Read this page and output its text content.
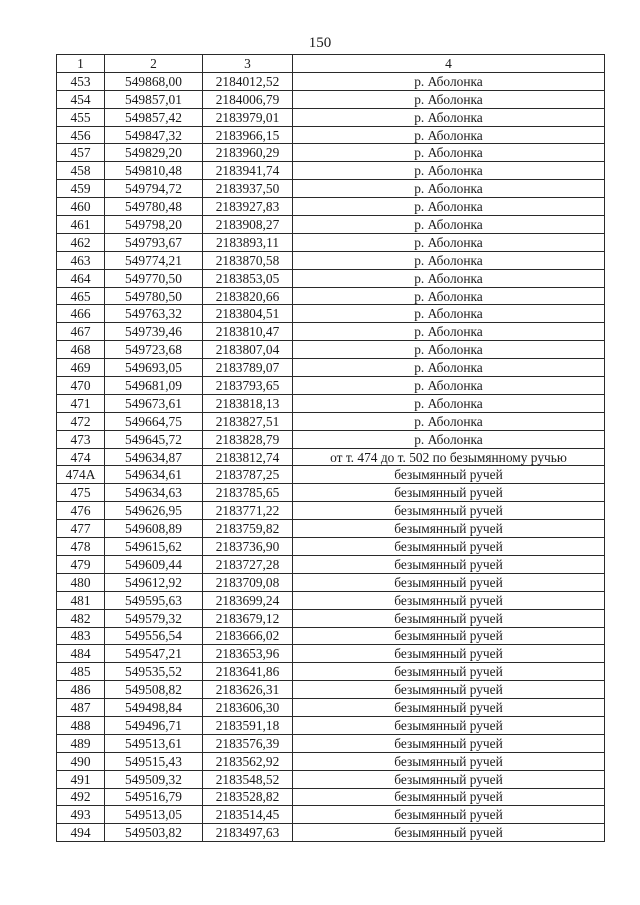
150
1	2	3	4
453	549868,00	2184012,52	р. Аболонка
454	549857,01	2184006,79	р. Аболонка
455	549857,42	2183979,01	р. Аболонка
456	549847,32	2183966,15	р. Аболонка
457	549829,20	2183960,29	р. Аболонка
458	549810,48	2183941,74	р. Аболонка
459	549794,72	2183937,50	р. Аболонка
460	549780,48	2183927,83	р. Аболонка
461	549798,20	2183908,27	р. Аболонка
462	549793,67	2183893,11	р. Аболонка
463	549774,21	2183870,58	р. Аболонка
464	549770,50	2183853,05	р. Аболонка
465	549780,50	2183820,66	р. Аболонка
466	549763,32	2183804,51	р. Аболонка
467	549739,46	2183810,47	р. Аболонка
468	549723,68	2183807,04	р. Аболонка
469	549693,05	2183789,07	р. Аболонка
470	549681,09	2183793,65	р. Аболонка
471	549673,61	2183818,13	р. Аболонка
472	549664,75	2183827,51	р. Аболонка
473	549645,72	2183828,79	р. Аболонка
474	549634,87	2183812,74	от т. 474 до т. 502 по безымянному ручью
474А	549634,61	2183787,25	безымянный ручей
475	549634,63	2183785,65	безымянный ручей
476	549626,95	2183771,22	безымянный ручей
477	549608,89	2183759,82	безымянный ручей
478	549615,62	2183736,90	безымянный ручей
479	549609,44	2183727,28	безымянный ручей
480	549612,92	2183709,08	безымянный ручей
481	549595,63	2183699,24	безымянный ручей
482	549579,32	2183679,12	безымянный ручей
483	549556,54	2183666,02	безымянный ручей
484	549547,21	2183653,96	безымянный ручей
485	549535,52	2183641,86	безымянный ручей
486	549508,82	2183626,31	безымянный ручей
487	549498,84	2183606,30	безымянный ручей
488	549496,71	2183591,18	безымянный ручей
489	549513,61	2183576,39	безымянный ручей
490	549515,43	2183562,92	безымянный ручей
491	549509,32	2183548,52	безымянный ручей
492	549516,79	2183528,82	безымянный ручей
493	549513,05	2183514,45	безымянный ручей
494	549503,82	2183497,63	безымянный ручей
